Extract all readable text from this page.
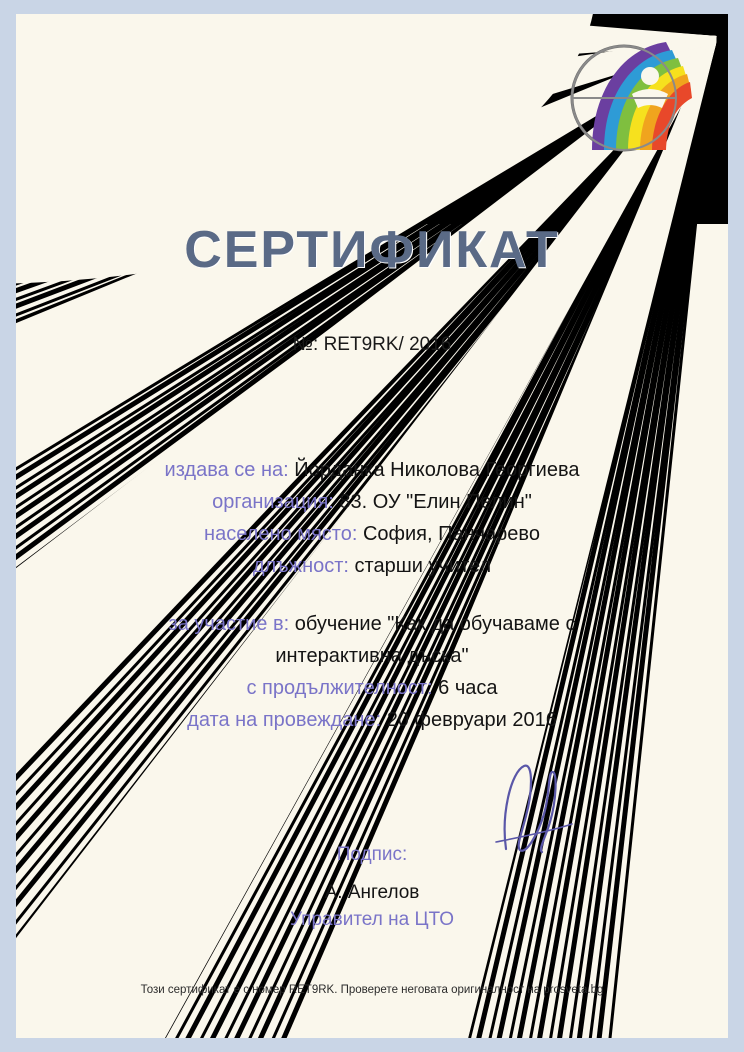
СЕРТИФИКАТ
№: RET9RK/ 2016
издава се на: Йорданка Николова Георгиева
организация: 83. ОУ "Елин Пелин"
населено място: София, Панчарево
длъжност: старши учител
за участие в: обучение "Как да обучаваме с
интерактивна дъска"
с продължителност: 6 часа
дата на провеждане: 20 февруари 2016
Подпис:
А. Ангелов
Управител на ЦТО
Този сертификат е с номер RET9RK. Проверете неговата оригиналност на prosveta.bg
